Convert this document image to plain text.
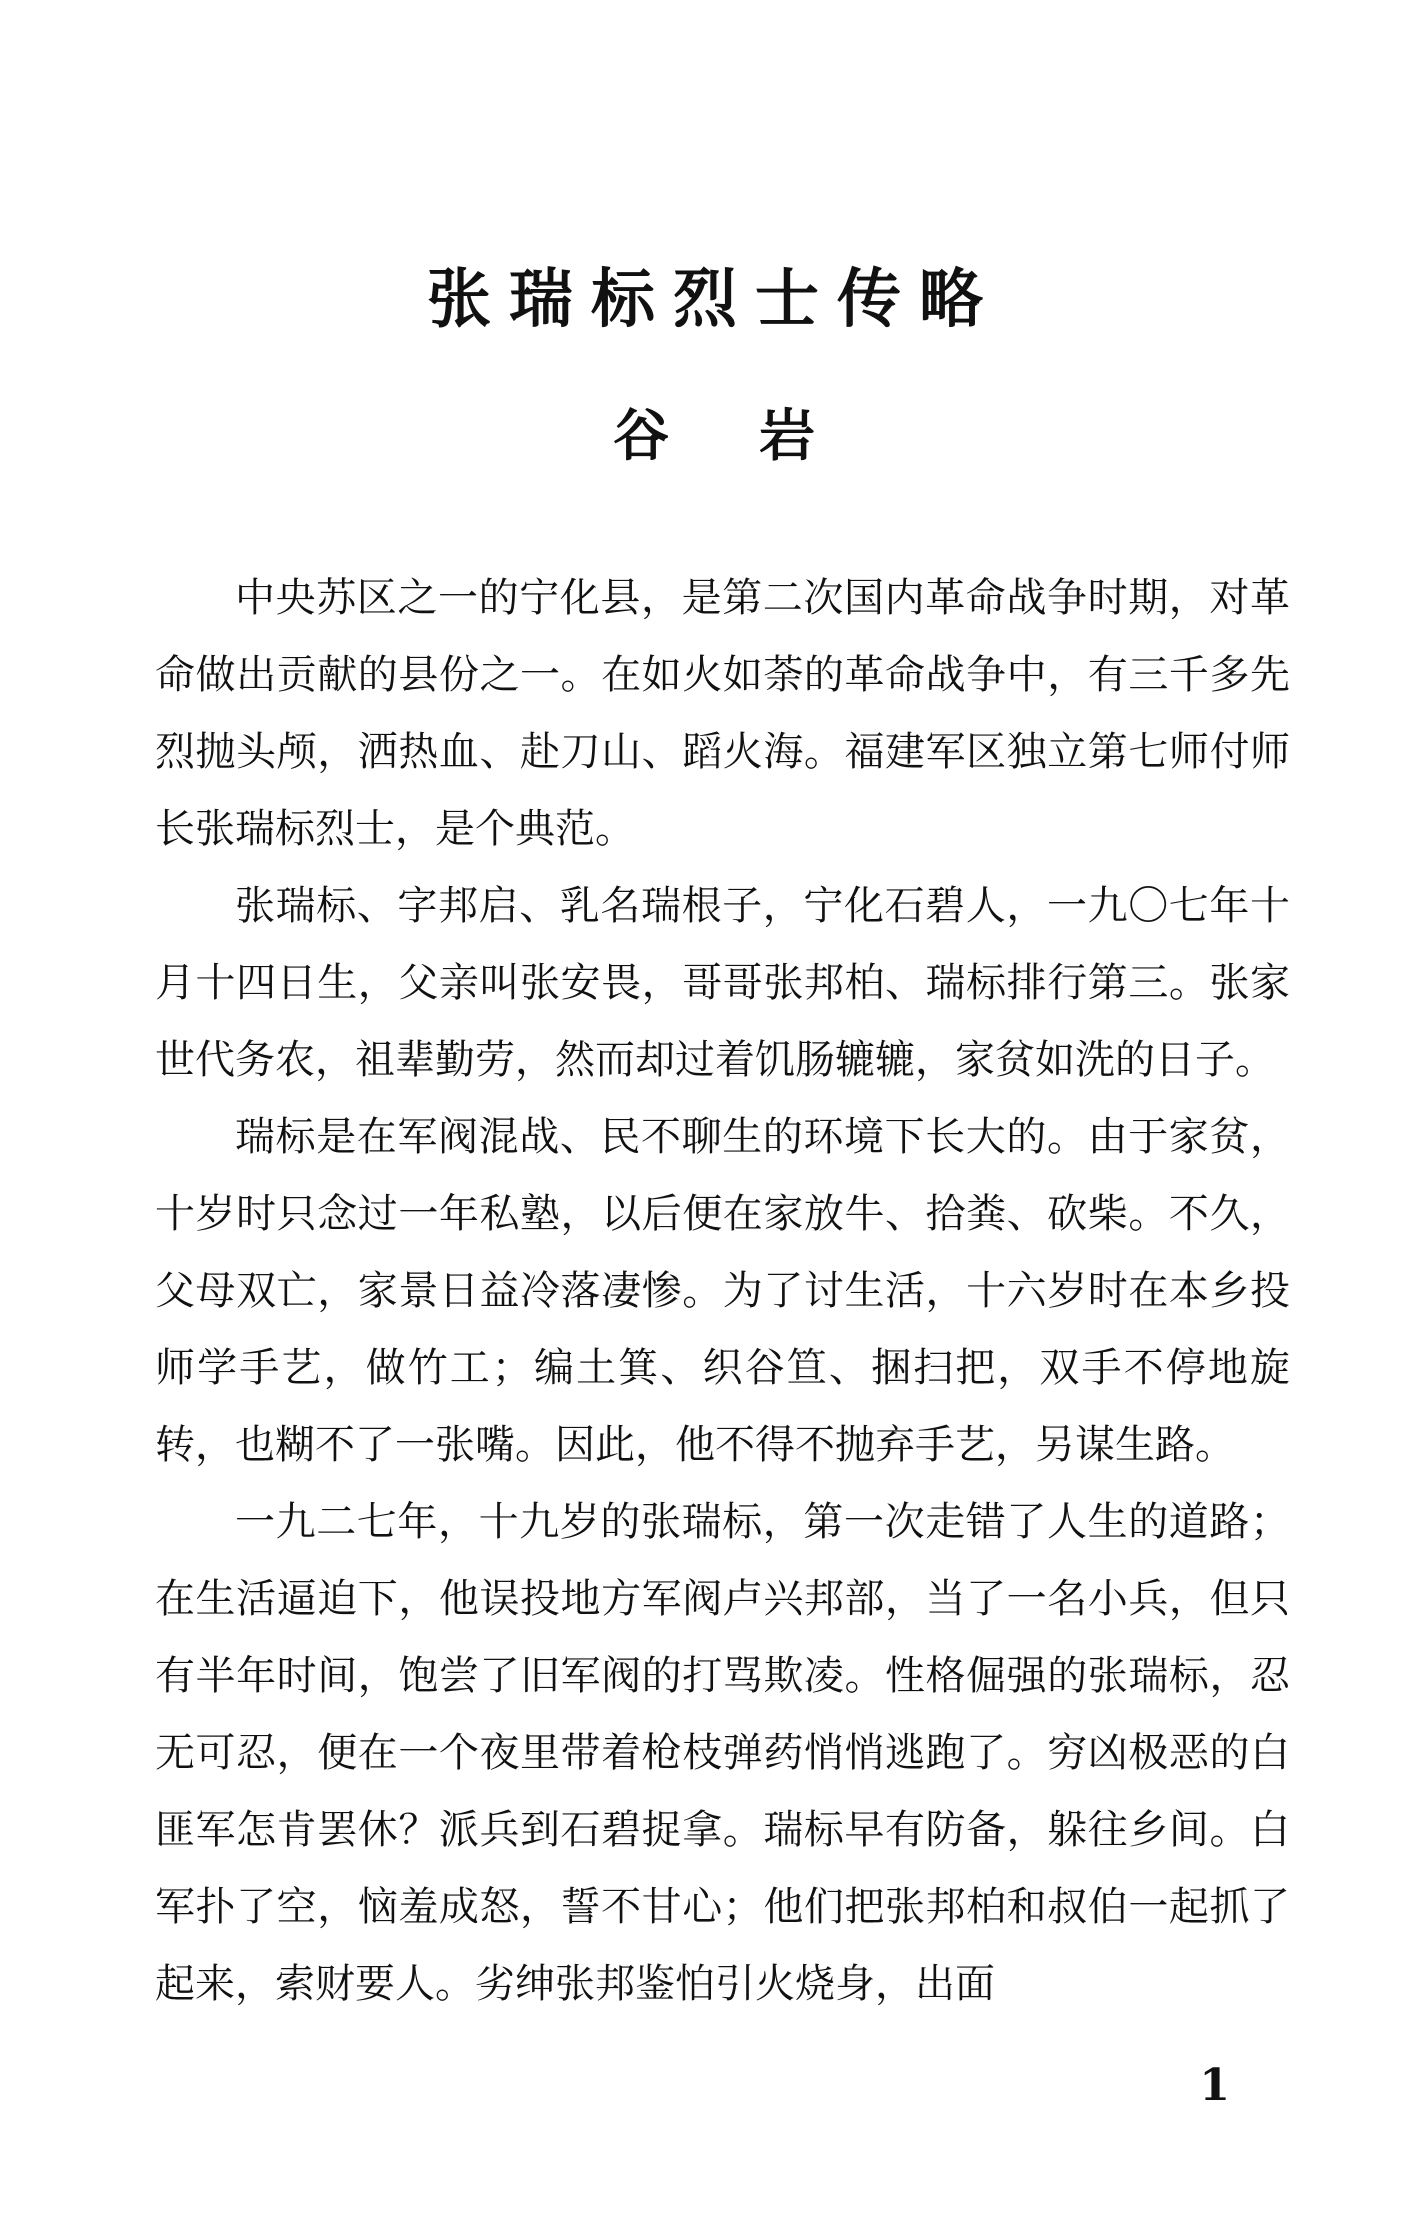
张瑞标烈士传略
谷岩

中央苏区之一的宁化县，是第二次国内革命战争时期，对革命做出贡献的县份之一。在如火如荼的革命战争中，有三千多先烈抛头颅，洒热血、赴刀山、蹈火海。福建军区独立第七师付师长张瑞标烈士，是个典范。

张瑞标、字邦启、乳名瑞根子，宁化石碧人，一九〇七年十月十四日生，父亲叫张安畏，哥哥张邦柏、瑞标排行第三。张家世代务农，祖辈勤劳，然而却过着饥肠辘辘，家贫如洗的日子。

瑞标是在军阀混战、民不聊生的环境下长大的。由于家贫，十岁时只念过一年私塾，以后便在家放牛、拾粪、砍柴。不久，父母双亡，家景日益冷落凄惨。为了讨生活，十六岁时在本乡投师学手艺，做竹工；编土箕、织谷笪、捆扫把，双手不停地旋转，也糊不了一张嘴。因此，他不得不抛弃手艺，另谋生路。

一九二七年，十九岁的张瑞标，第一次走错了人生的道路；在生活逼迫下，他误投地方军阀卢兴邦部，当了一名小兵，但只有半年时间，饱尝了旧军阀的打骂欺凌。性格倔强的张瑞标，忍无可忍，便在一个夜里带着枪枝弹药悄悄逃跑了。穷凶极恶的白匪军怎肯罢休？派兵到石碧捉拿。瑞标早有防备，躲往乡间。白军扑了空，恼羞成怒，誓不甘心；他们把张邦柏和叔伯一起抓了起来，索财要人。劣绅张邦鉴怕引火烧身，出面

1
